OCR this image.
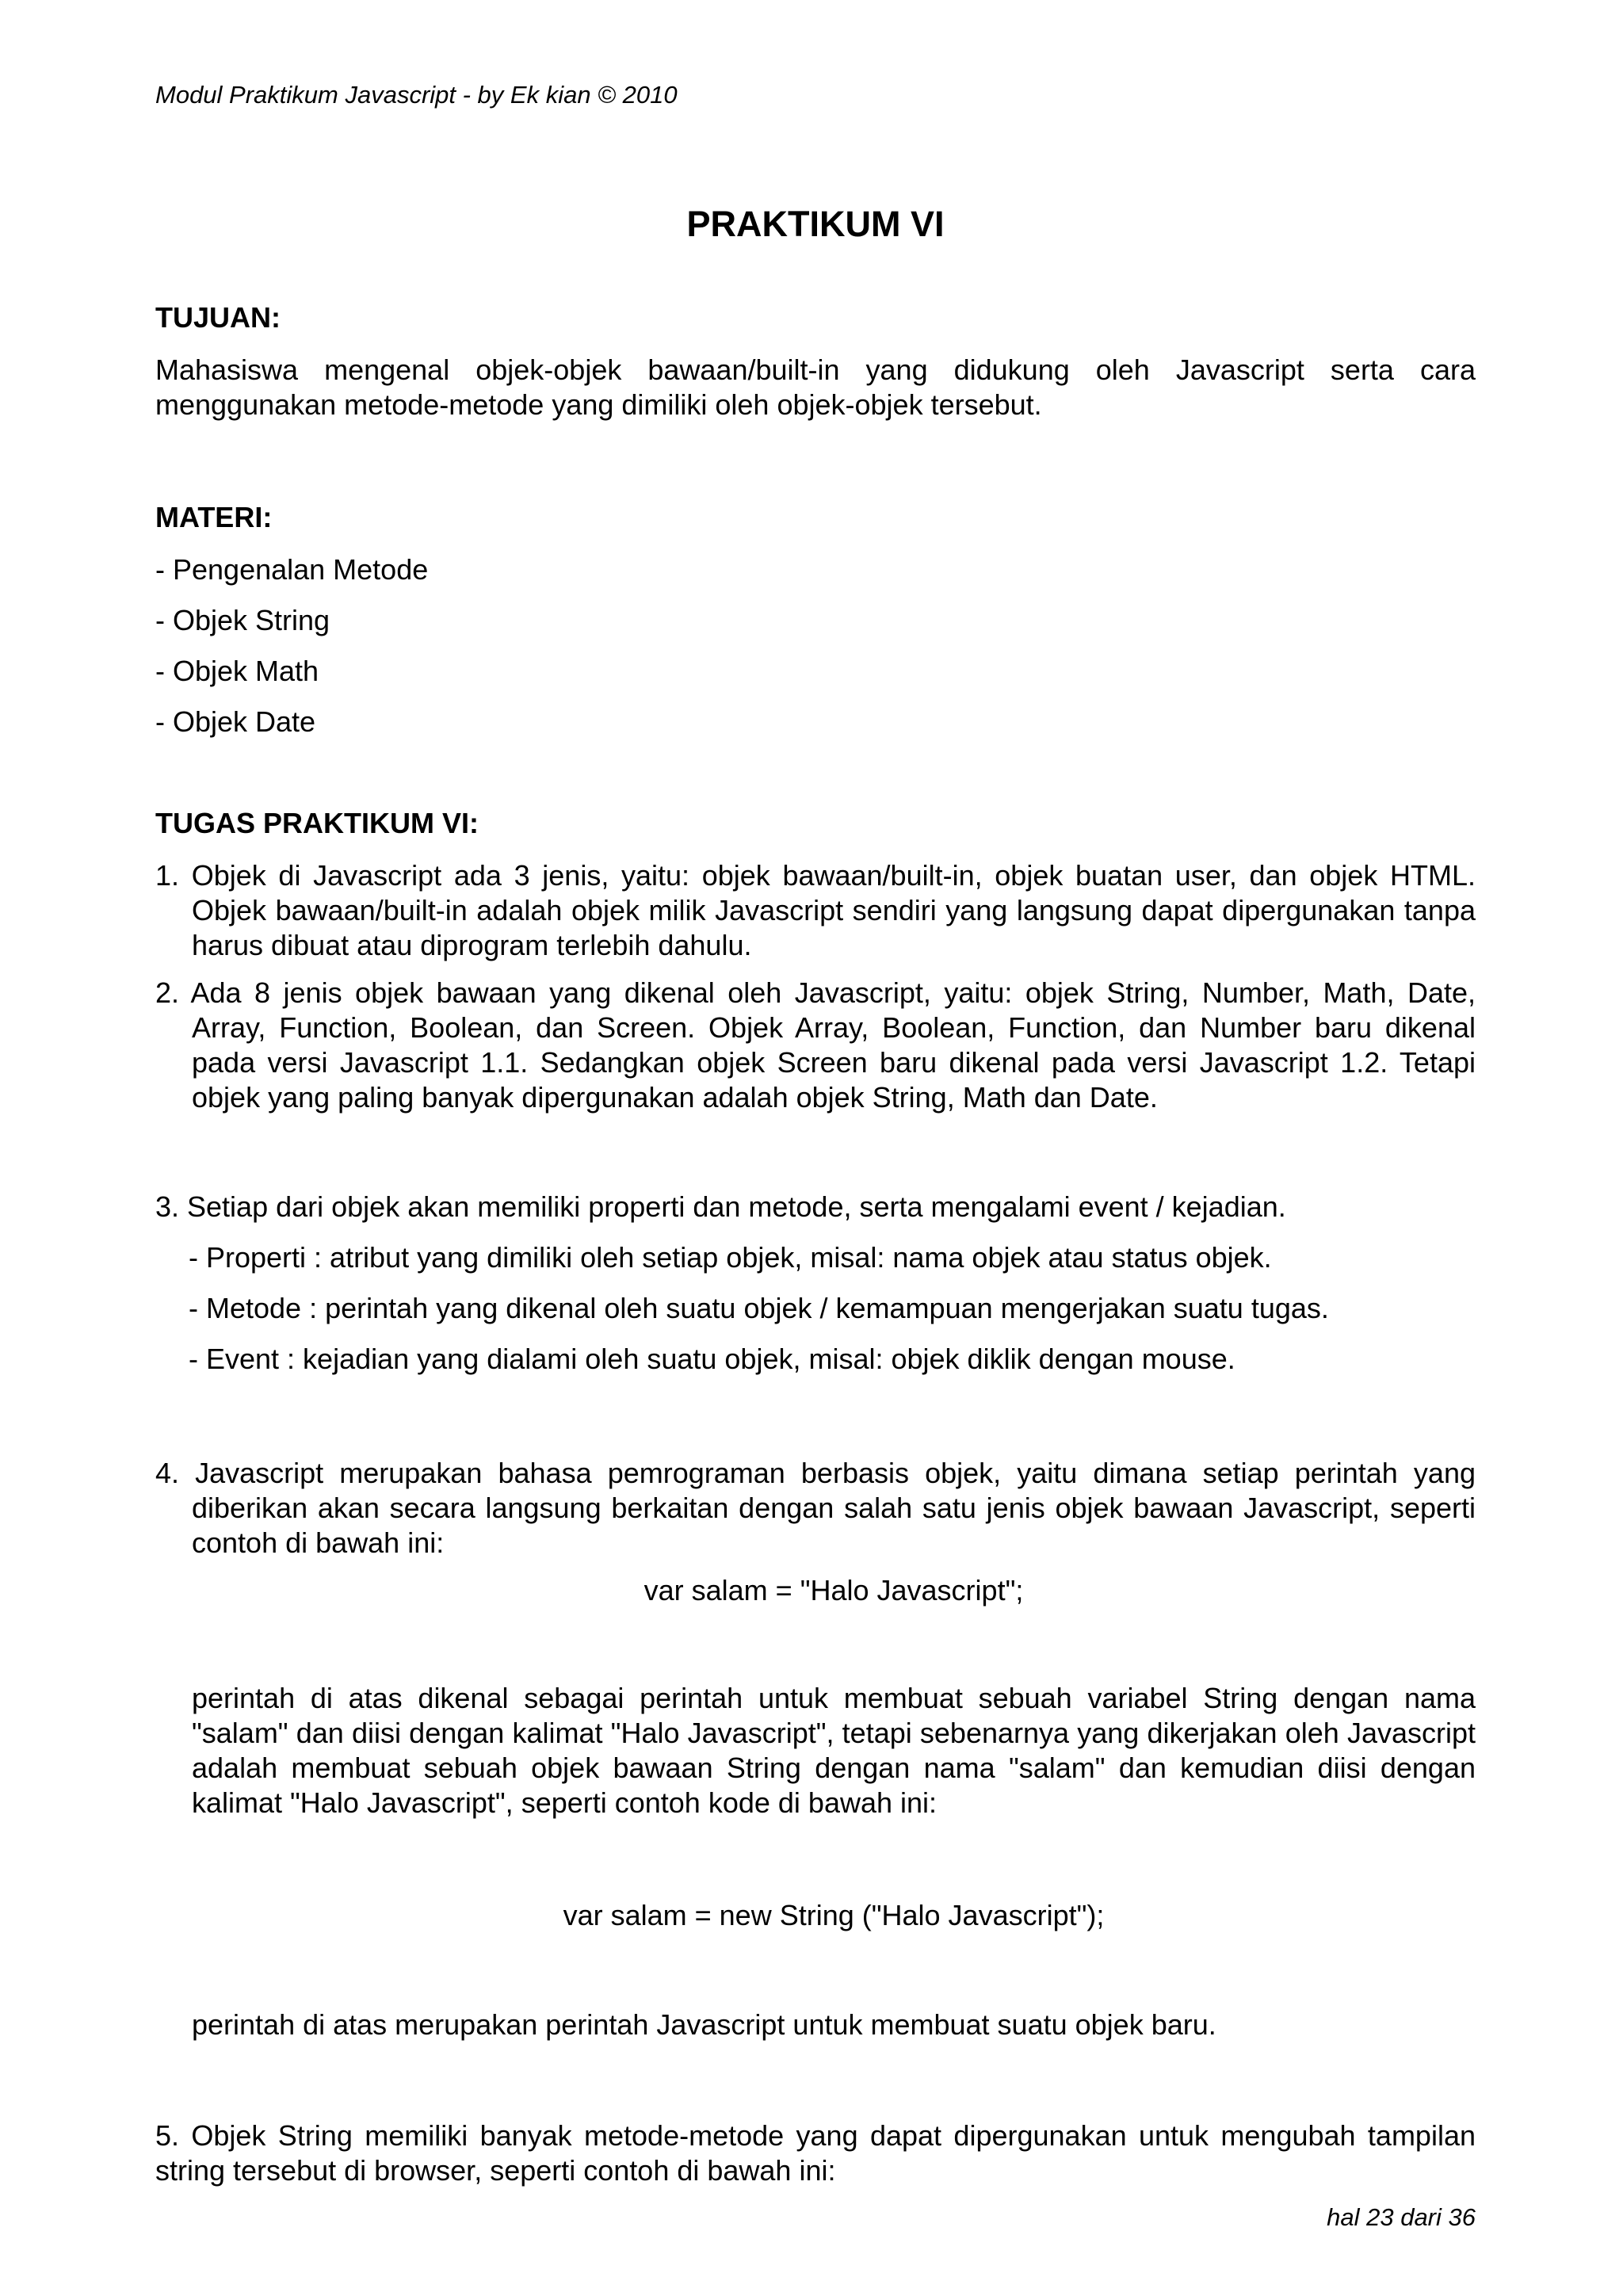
Modul Praktikum Javascript - by Ek kian © 2010
PRAKTIKUM VI
TUJUAN:

Mahasiswa mengenal objek-objek bawaan/built-in yang didukung oleh Javascript serta cara menggunakan metode-metode yang dimiliki oleh objek-objek tersebut.

MATERI:
- Pengenalan Metode
- Objek String
- Objek Math
- Objek Date
TUGAS PRAKTIKUM VI:

1. Objek di Javascript ada 3 jenis, yaitu: objek bawaan/built-in, objek buatan user, dan objek HTML. Objek bawaan/built-in adalah objek milik Javascript sendiri yang langsung dapat dipergunakan tanpa harus dibuat atau diprogram terlebih dahulu.

2. Ada 8 jenis objek bawaan yang dikenal oleh Javascript, yaitu: objek String, Number, Math, Date, Array, Function, Boolean, dan Screen. Objek Array, Boolean, Function, dan Number baru dikenal pada versi Javascript 1.1. Sedangkan objek Screen baru dikenal pada versi Javascript 1.2. Tetapi objek yang paling banyak dipergunakan adalah objek String, Math dan Date.

3. Setiap dari objek akan memiliki properti dan metode, serta mengalami event / kejadian.

- Properti : atribut yang dimiliki oleh setiap objek, misal: nama objek atau status objek.
- Metode : perintah yang dikenal oleh suatu objek / kemampuan mengerjakan suatu tugas.
- Event : kejadian yang dialami oleh suatu objek, misal: objek diklik dengan mouse.

4. Javascript merupakan bahasa pemrograman berbasis objek, yaitu dimana setiap perintah yang diberikan akan secara langsung berkaitan dengan salah satu jenis objek bawaan Javascript, seperti contoh di bawah ini:

var salam = "Halo Javascript";

perintah di atas dikenal sebagai perintah untuk membuat sebuah variabel String dengan nama "salam" dan diisi dengan kalimat "Halo Javascript", tetapi sebenarnya yang dikerjakan oleh Javascript adalah membuat sebuah objek bawaan String dengan nama "salam" dan kemudian diisi dengan kalimat "Halo Javascript", seperti contoh kode di bawah ini:

var salam = new String ("Halo Javascript");

perintah di atas merupakan perintah Javascript untuk membuat suatu objek baru.

5. Objek String memiliki banyak metode-metode yang dapat dipergunakan untuk mengubah tampilan string tersebut di browser, seperti contoh di bawah ini:

hal 23 dari 36
